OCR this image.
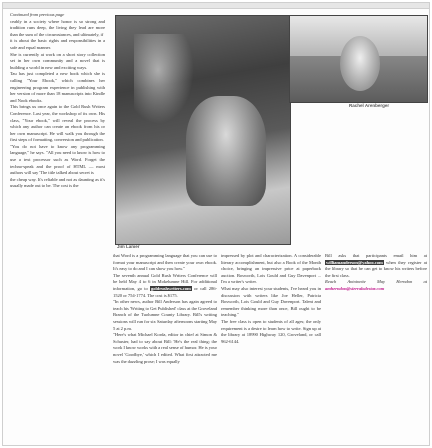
Continued from previous page

ceably in a society where honor is so strong and tradition runs deep, the living they lead are more than the sum of the circumstances, and ultimately, if

it is about the basic rights and responsibilities in a safe and equal manner.

She is currently at work on a short story collection set in her own community and a novel that is building a world in new and exciting ways.

Tau has just completed a new book which she is calling "Your Ebook," which combines her engineering program experience in publishing with her version of more than 18 manuscripts into Kindle and Nook ebooks.

This brings us once again to the Gold Rush Writers Conference. Last year, the workshop of its own. His class, "Your ebook," will reveal the process by which any author can create an ebook from his or her own manuscript. He will walk you through the first steps of formatting, conversion and publication.

"You do not have to know any programming language," he says. "All you need to know is how to use a text processor such as Word. Forget the techno-speak and the proof of HTML — most authors will say 'The title talked about secret is

the cheap way. It's reliable and not as daunting as it's usually made out to be. The cost is the

Jim Lanier
Rachel Arenberger

that Word is a programming language that you can use to format your manuscript and then create your own ebook. It's easy to do and I can show you how."

The seventh annual Gold Rush Writers Conference will be held May 4 to 6 in Mokelumne Hill. For additional information, go to goldrushwriters.com or call 286-1520 or 754-1774. The cost is $175.

"In other news, author Bill Anderson has again agreed to teach his 'Writing to Get Published' class at the Groveland Branch of the Tuolumne County Library. Bill's writing sessions will run for six Saturday afternoons starting May 5 at 2 p.m.

"Here's what Michael Korda, editor in chief at Simon & Schuster, had to say about Bill: 'He's the real thing; the work I know works with a real sense of humor. He is your novel 'Goodbye,' which I edited. What first attracted me was the dazzling prose; I was equally

impressed by plot and characterization. A considerable literary accomplishment, but also a Book of the Month choice, bringing an impressive price at paperback auction. Bosworth, Lois Gould and Guy Davenport ... I'm a writer's writer.

What may also interest your students, I've heard you in discussion with writers like Joe Heller, Patricia Bosworth, Lois Gould and Guy Davenport. Talent and remember thinking more than once, Bill ought to be teaching."

The free class is open to students of all ages; the only requirement is a desire to learn how to write. Sign up at the library at 18990 Highway 120, Groveland, or call 962-6144.

Bill asks that participants email him at williamanderson@yahoo.com when they register at the library so that he can get to know his writers before the first class.

Reach Antoinette May Herndon at amherndon@sierralodestar.com
